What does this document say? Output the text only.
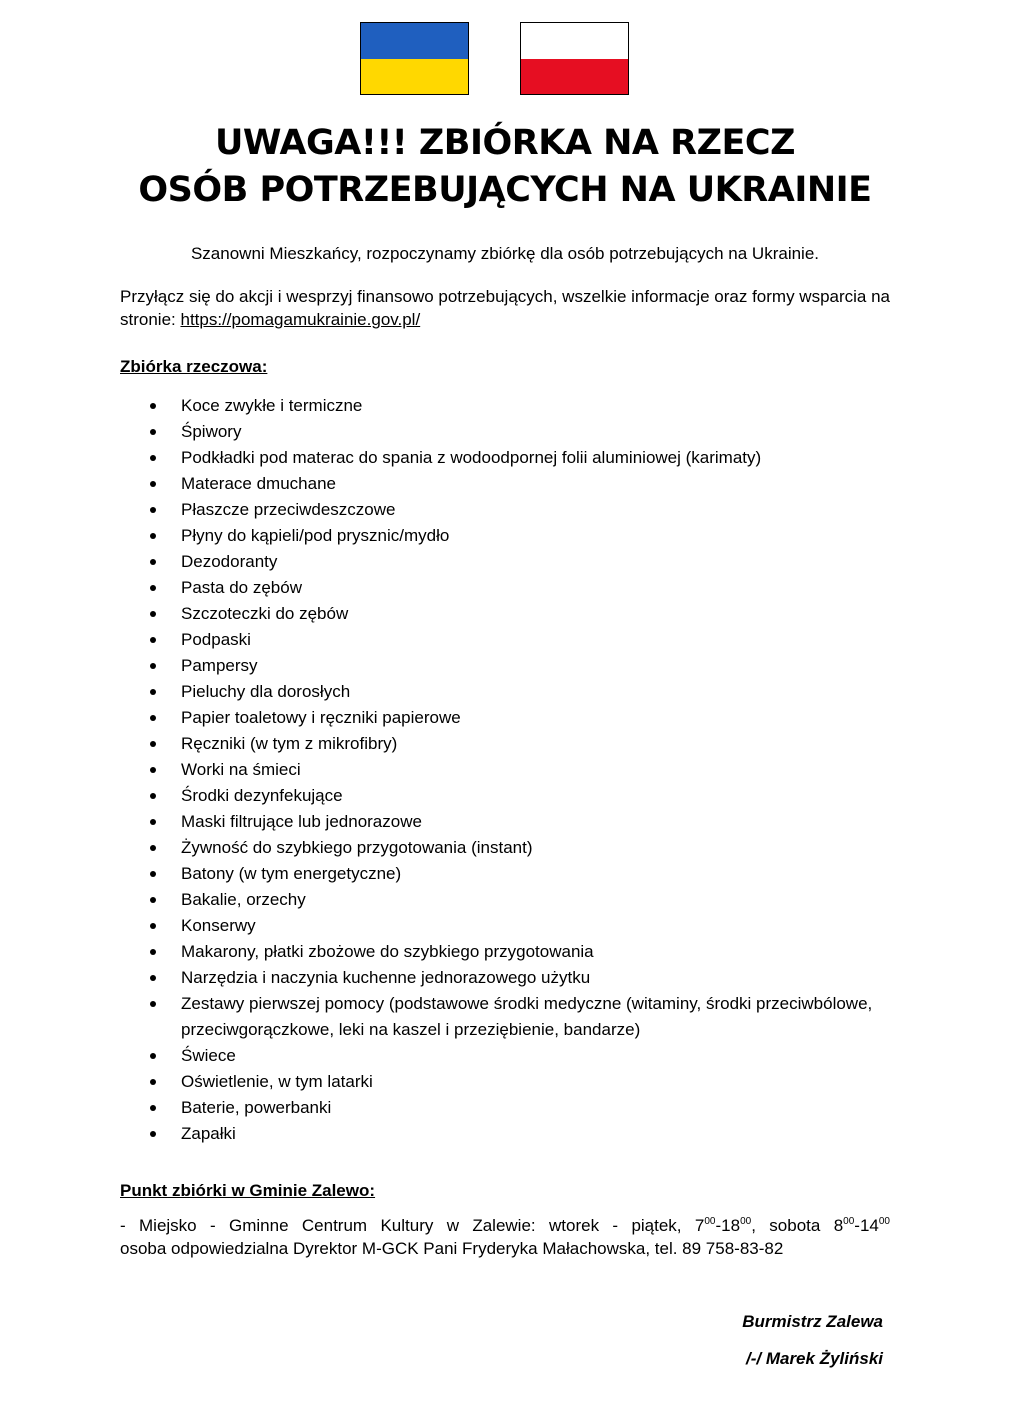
UWAGA!!! ZBIÓRKA NA RZECZ
OSÓB POTRZEBUJĄCYCH NA UKRAINIE

Szanowni Mieszkańcy, rozpoczynamy zbiórkę dla osób potrzebujących na Ukrainie.

Przyłącz się do akcji i wesprzyj finansowo potrzebujących, wszelkie informacje oraz formy wsparcia na stronie: https://pomagamukrainie.gov.pl/

Zbiórka rzeczowa:
Koce zwykłe i termiczne
Śpiwory
Podkładki pod materac do spania z wodoodpornej folii aluminiowej (karimaty)
Materace dmuchane
Płaszcze przeciwdeszczowe
Płyny do kąpieli/pod prysznic/mydło
Dezodoranty
Pasta do zębów
Szczoteczki do zębów
Podpaski
Pampersy
Pieluchy dla dorosłych
Papier toaletowy i ręczniki papierowe
Ręczniki (w tym z mikrofibry)
Worki na śmieci
Środki dezynfekujące
Maski filtrujące lub jednorazowe
Żywność do szybkiego przygotowania (instant)
Batony (w tym energetyczne)
Bakalie, orzechy
Konserwy
Makarony, płatki zbożowe do szybkiego przygotowania
Narzędzia i naczynia kuchenne jednorazowego użytku
Zestawy pierwszej pomocy (podstawowe środki medyczne (witaminy, środki przeciwbólowe, przeciwgorączkowe, leki na kaszel i przeziębienie, bandarze)
Świece
Oświetlenie, w tym latarki
Baterie, powerbanki
Zapałki
Punkt zbiórki w Gminie Zalewo:
- Miejsko - Gminne Centrum Kultury w Zalewie: wtorek - piątek, $7^{00}-18^{00}$, sobota $8^{00}-14^{00}$
osoba odpowiedzialna Dyrektor M-GCK Pani Fryderyka Małachowska, tel. 89 758-83-82
Burmistrz Zalewa
/-/ Marek Żyliński
